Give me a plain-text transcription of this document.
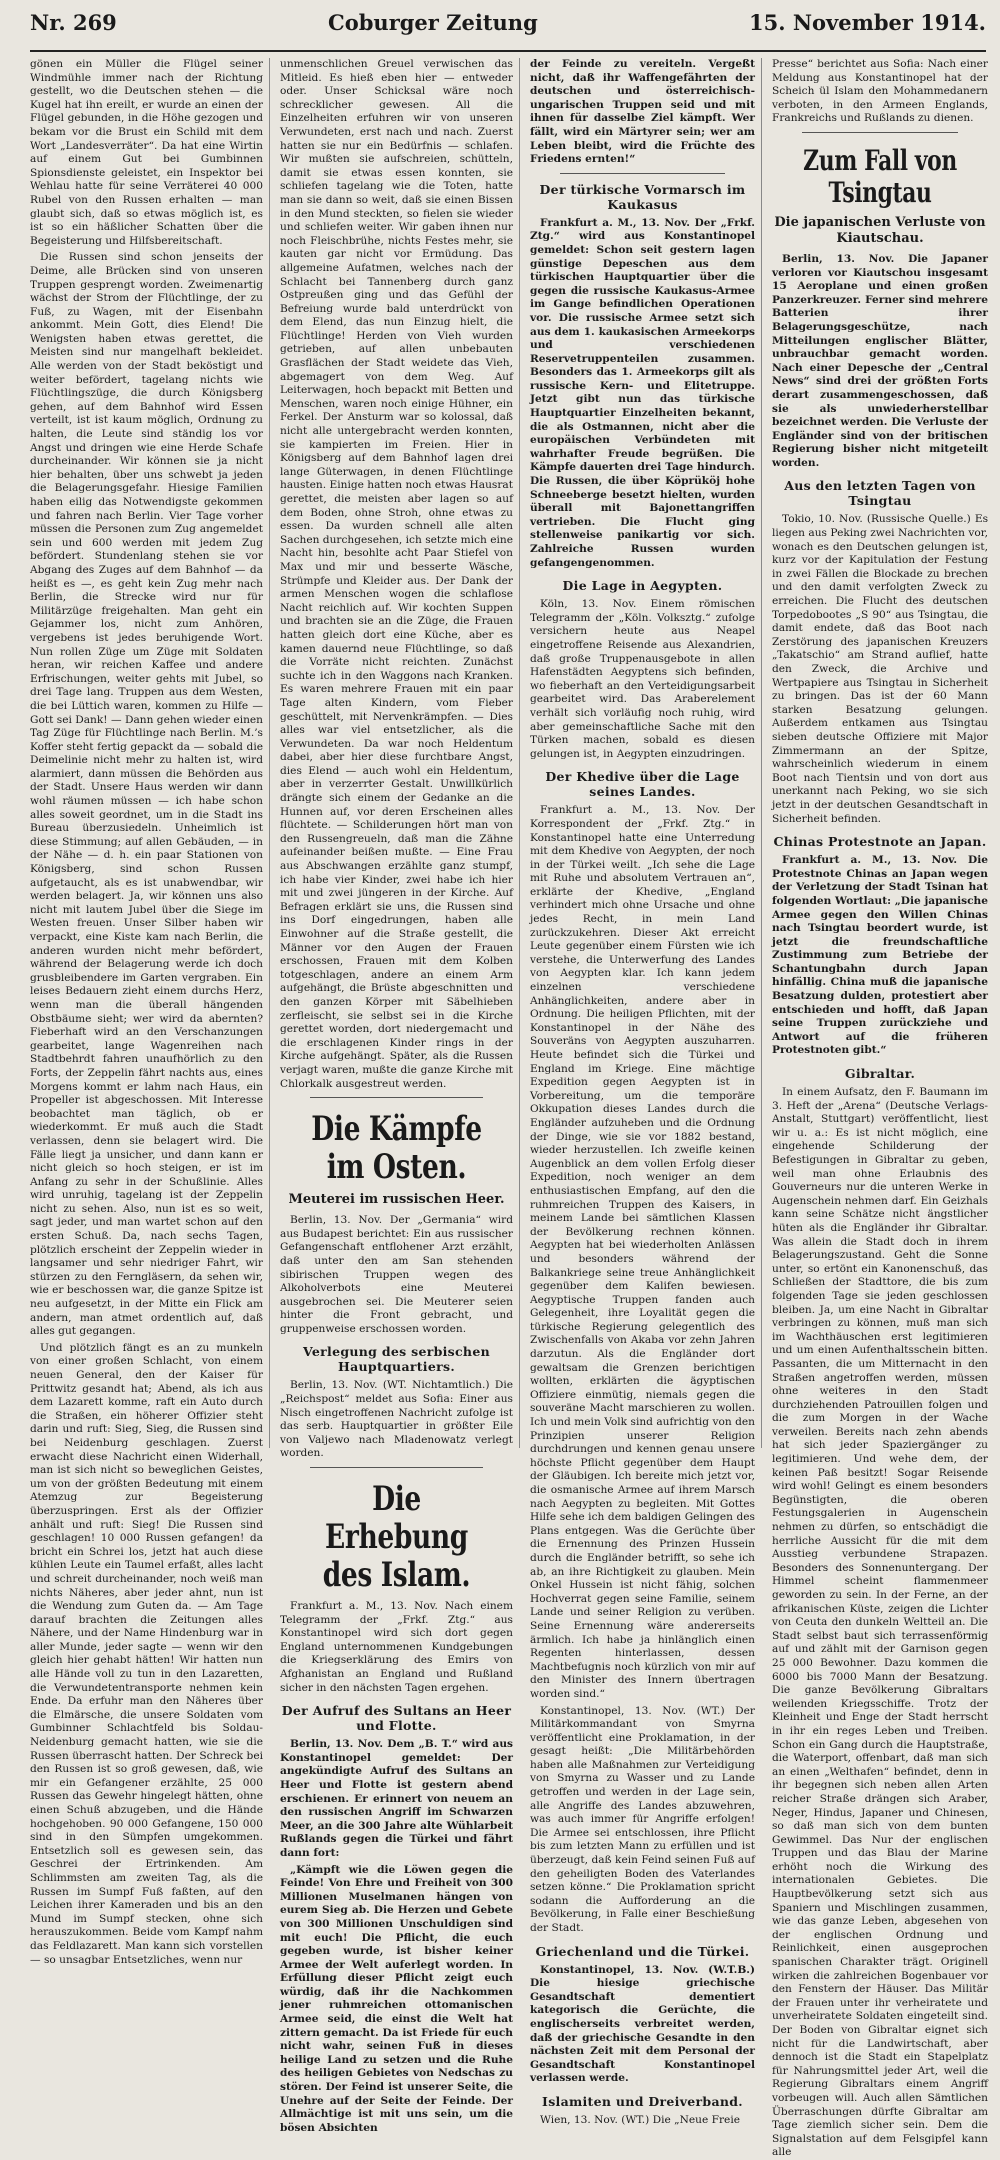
Nr. 269	Coburger Zeitung	15. November 1914.

gönen ein Müller die Flügel seiner Windmühle immer nach der Richtung gestellt, wo die Deutschen stehen — die Kugel hat ihn ereilt, er wurde an einen der Flügel gebunden, in die Höhe gezogen und bekam vor die Brust ein Schild mit dem Wort „Landesverräter“. Da hat eine Wirtin auf einem Gut bei Gumbinnen Spionsdienste geleistet, ein Inspektor bei Wehlau hatte für seine Verräterei 40 000 Rubel von den Russen erhalten — man glaubt sich, daß so etwas möglich ist, es ist so ein häßlicher Schatten über die Begeisterung und Hilfsbereitschaft.

Die Russen sind schon jenseits der Deime, alle Brücken sind von unseren Truppen gesprengt worden. Zweimenartig wächst der Strom der Flüchtlinge, der zu Fuß, zu Wagen, mit der Eisenbahn ankommt. Mein Gott, dies Elend! Die Wenigsten haben etwas gerettet, die Meisten sind nur mangelhaft bekleidet. Alle werden von der Stadt beköstigt und weiter befördert, tagelang nichts wie Flüchtlingszüge, die durch Königsberg gehen, auf dem Bahnhof wird Essen verteilt, ist ist kaum möglich, Ordnung zu halten, die Leute sind ständig los vor Angst und dringen wie eine Herde Schafe durcheinander. Wir können sie ja nicht hier behalten, über uns schwebt ja jeden die Belagerungsgefahr. Hiesige Familien haben eilig das Notwendigste gekommen und fahren nach Berlin. Vier Tage vorher müssen die Personen zum Zug angemeldet sein und 600 werden mit jedem Zug befördert. Stundenlang stehen sie vor Abgang des Zuges auf dem Bahnhof — da heißt es —, es geht kein Zug mehr nach Berlin, die Strecke wird nur für Militärzüge freigehalten. Man geht ein Gejammer los, nicht zum Anhören, vergebens ist jedes beruhigende Wort. Nun rollen Züge um Züge mit Soldaten heran, wir reichen Kaffee und andere Erfrischungen, weiter gehts mit Jubel, so drei Tage lang. Truppen aus dem Westen, die bei Lüttich waren, kommen zu Hilfe — Gott sei Dank! — Dann gehen wieder einen Tag Züge für Flüchtlinge nach Berlin. M.’s Koffer steht fertig gepackt da — sobald die Deimelinie nicht mehr zu halten ist, wird alarmiert, dann müssen die Behörden aus der Stadt. Unsere Haus werden wir dann wohl räumen müssen — ich habe schon alles soweit geordnet, um in die Stadt ins Bureau überzusiedeln. Unheimlich ist diese Stimmung; auf allen Gebäuden, — in der Nähe — d. h. ein paar Stationen von Königsberg, sind schon Russen aufgetaucht, als es ist unabwendbar, wir werden belagert. Ja, wir können uns also nicht mit lautem Jubel über die Siege im Westen freuen. Unser Silber haben wir verpackt, eine Kiste kam nach Berlin, die anderen wurden nicht mehr befördert, während der Belagerung werde ich doch grusbleibendere im Garten vergraben. Ein leises Bedauern zieht einem durchs Herz, wenn man die überall hängenden Obstbäume sieht; wer wird da abernten? Fieberhaft wird an den Verschanzungen gearbeitet, lange Wagenreihen nach Stadtbehrdt fahren unaufhörlich zu den Forts, der Zeppelin fährt nachts aus, eines Morgens kommt er lahm nach Haus, ein Propeller ist abgeschossen. Mit Interesse beobachtet man täglich, ob er wiederkommt. Er muß auch die Stadt verlassen, denn sie belagert wird. Die Fälle liegt ja unsicher, und dann kann er nicht gleich so hoch steigen, er ist im Anfang zu sehr in der Schußlinie. Alles wird unruhig, tagelang ist der Zeppelin nicht zu sehen. Also, nun ist es so weit, sagt jeder, und man wartet schon auf den ersten Schuß. Da, nach sechs Tagen, plötzlich erscheint der Zeppelin wieder in langsamer und sehr niedriger Fahrt, wir stürzen zu den Ferngläsern, da sehen wir, wie er beschossen war, die ganze Spitze ist neu aufgesetzt, in der Mitte ein Flick am andern, man atmet ordentlich auf, daß alles gut gegangen.

Und plötzlich fängt es an zu munkeln von einer großen Schlacht, von einem neuen General, den der Kaiser für Prittwitz gesandt hat; Abend, als ich aus dem Lazarett komme, raft ein Auto durch die Straßen, ein höherer Offizier steht darin und ruft: Sieg, Sieg, die Russen sind bei Neidenburg geschlagen. Zuerst erwacht diese Nachricht einen Widerhall, man ist sich nicht so beweglichen Geistes, um von der größten Bedeutung mit einem Atemzug zur Begeisterung überzuspringen. Erst als der Offizier anhält und ruft: Sieg! Die Russen sind geschlagen! 10 000 Russen gefangen! da bricht ein Schrei los, jetzt hat auch diese kühlen Leute ein Taumel erfaßt, alles lacht und schreit durcheinander, noch weiß man nichts Näheres, aber jeder ahnt, nun ist die Wendung zum Guten da. — Am Tage darauf brachten die Zeitungen alles Nähere, und der Name Hindenburg war in aller Munde, jeder sagte — wenn wir den gleich hier gehabt hätten! Wir hatten nun alle Hände voll zu tun in den Lazaretten, die Verwundetentransporte nehmen kein Ende. Da erfuhr man den Näheres über die Elmärsche, die unsere Soldaten vom Gumbinner Schlachtfeld bis Soldau-Neidenburg gemacht hatten, wie sie die Russen überrascht hatten. Der Schreck bei den Russen ist so groß gewesen, daß, wie mir ein Gefangener erzählte, 25 000 Russen das Gewehr hingelegt hätten, ohne einen Schuß abzugeben, und die Hände hochgehoben. 90 000 Gefangene, 150 000 sind in den Sümpfen umgekommen. Entsetzlich soll es gewesen sein, das Geschrei der Ertrinkenden. Am Schlimmsten am zweiten Tag, als die Russen im Sumpf Fuß faßten, auf den Leichen ihrer Kameraden und bis an den Mund im Sumpf stecken, ohne sich herauszukommen. Beide vom Kampf nahm das Feldlazarett. Man kann sich vorstellen — so unsagbar Entsetzliches, wenn nur

unmenschlichen Greuel verwischen das Mitleid. Es hieß eben hier — entweder oder. Unser Schicksal wäre noch schrecklicher gewesen. All die Einzelheiten erfuhren wir von unseren Verwundeten, erst nach und nach. Zuerst hatten sie nur ein Bedürfnis — schlafen. Wir mußten sie aufschreien, schütteln, damit sie etwas essen konnten, sie schliefen tagelang wie die Toten, hatte man sie dann so weit, daß sie einen Bissen in den Mund steckten, so fielen sie wieder und schliefen weiter. Wir gaben ihnen nur noch Fleischbrühe, nichts Festes mehr, sie kauten gar nicht vor Ermüdung. Das allgemeine Aufatmen, welches nach der Schlacht bei Tannenberg durch ganz Ostpreußen ging und das Gefühl der Befreiung wurde bald unterdrückt von dem Elend, das nun Einzug hielt, die Flüchtlinge! Herden von Vieh wurden getrieben, auf allen unbebauten Grasflächen der Stadt weidete das Vieh, abgemagert von dem Weg. Auf Leiterwagen, hoch bepackt mit Betten und Menschen, waren noch einige Hühner, ein Ferkel. Der Ansturm war so kolossal, daß nicht alle untergebracht werden konnten, sie kampierten im Freien. Hier in Königsberg auf dem Bahnhof lagen drei lange Güterwagen, in denen Flüchtlinge hausten. Einige hatten noch etwas Hausrat gerettet, die meisten aber lagen so auf dem Boden, ohne Stroh, ohne etwas zu essen. Da wurden schnell alle alten Sachen durchgesehen, ich setzte mich eine Nacht hin, besohlte acht Paar Stiefel von Max und mir und besserte Wäsche, Strümpfe und Kleider aus. Der Dank der armen Menschen wogen die schlaflose Nacht reichlich auf. Wir kochten Suppen und brachten sie an die Züge, die Frauen hatten gleich dort eine Küche, aber es kamen dauernd neue Flüchtlinge, so daß die Vorräte nicht reichten. Zunächst suchte ich in den Waggons nach Kranken. Es waren mehrere Frauen mit ein paar Tage alten Kindern, vom Fieber geschüttelt, mit Nervenkrämpfen. — Dies alles war viel entsetzlicher, als die Verwundeten. Da war noch Heldentum dabei, aber hier diese furchtbare Angst, dies Elend — auch wohl ein Heldentum, aber in verzerrter Gestalt. Unwillkürlich drängte sich einem der Gedanke an die Hunnen auf, vor deren Erscheinen alles flüchtete. — Schilderungen hört man von den Russengreueln, daß man die Zähne aufeinander beißen mußte. — Eine Frau aus Abschwangen erzählte ganz stumpf, ich habe vier Kinder, zwei habe ich hier mit und zwei jüngeren in der Kirche. Auf Befragen erklärt sie uns, die Russen sind ins Dorf eingedrungen, haben alle Einwohner auf die Straße gestellt, die Männer vor den Augen der Frauen erschossen, Frauen mit dem Kolben totgeschlagen, andere an einem Arm aufgehängt, die Brüste abgeschnitten und den ganzen Körper mit Säbelhieben zerfleischt, sie selbst sei in die Kirche gerettet worden, dort niedergemacht und die erschlagenen Kinder rings in der Kirche aufgehängt. Später, als die Russen verjagt waren, mußte die ganze Kirche mit Chlorkalk ausgestreut werden.

Die Kämpfe im Osten.
Meuterei im russischen Heer.

Berlin, 13. Nov. Der „Germania“ wird aus Budapest berichtet: Ein aus russischer Gefangenschaft entflohener Arzt erzählt, daß unter den am San stehenden sibirischen Truppen wegen des Alkoholverbots eine Meuterei ausgebrochen sei. Die Meuterer seien hinter die Front gebracht, und gruppenweise erschossen worden.

Verlegung des serbischen Hauptquartiers.

Berlin, 13. Nov. (WT. Nichtamtlich.) Die „Reichspost“ meldet aus Sofia: Einer aus Nisch eingetroffenen Nachricht zufolge ist das serb. Hauptquartier in größter Eile von Valjewo nach Mladenowatz verlegt worden.

Die Erhebung des Islam.

Frankfurt a. M., 13. Nov. Nach einem Telegramm der „Frkf. Ztg.“ aus Konstantinopel wird sich dort gegen England unternommenen Kundgebungen die Kriegserklärung des Emirs von Afghanistan an England und Rußland sicher in den nächsten Tagen ergehen.

Der Aufruf des Sultans an Heer und Flotte.

Berlin, 13. Nov. Dem „B. T.“ wird aus Konstantinopel gemeldet: Der angekündigte Aufruf des Sultans an Heer und Flotte ist gestern abend erschienen. Er erinnert von neuem an den russischen Angriff im Schwarzen Meer, an die 300 Jahre alte Wühlarbeit Rußlands gegen die Türkei und fährt dann fort:

„Kämpft wie die Löwen gegen die Feinde! Von Ehre und Freiheit von 300 Millionen Muselmanen hängen von eurem Sieg ab. Die Herzen und Gebete von 300 Millionen Unschuldigen sind mit euch! Die Pflicht, die euch gegeben wurde, ist bisher keiner Armee der Welt auferlegt worden. In Erfüllung dieser Pflicht zeigt euch würdig, daß ihr die Nachkommen jener ruhmreichen ottomanischen Armee seid, die einst die Welt hat zittern gemacht. Da ist Friede für euch nicht wahr, seinen Fuß in dieses heilige Land zu setzen und die Ruhe des heiligen Gebietes von Nedschas zu stören. Der Feind ist unserer Seite, die Unehre auf der Seite der Feinde. Der Allmächtige ist mit uns sein, um die bösen Absichten

der Feinde zu vereiteln. Vergeßt nicht, daß ihr Waffengefährten der deutschen und österreichisch-ungarischen Truppen seid und mit ihnen für dasselbe Ziel kämpft. Wer fällt, wird ein Märtyrer sein; wer am Leben bleibt, wird die Früchte des Friedens ernten!“

Der türkische Vormarsch im Kaukasus

Frankfurt a. M., 13. Nov. Der „Frkf. Ztg.“ wird aus Konstantinopel gemeldet: Schon seit gestern lagen günstige Depeschen aus dem türkischen Hauptquartier über die gegen die russische Kaukasus-Armee im Gange befindlichen Operationen vor. Die russische Armee setzt sich aus dem 1. kaukasischen Armeekorps und verschiedenen Reservetruppenteilen zusammen. Besonders das 1. Armeekorps gilt als russische Kern- und Elitetruppe. Jetzt gibt nun das türkische Hauptquartier Einzelheiten bekannt, die als Ostmannen, nicht aber die europäischen Verbündeten mit wahrhafter Freude begrüßen. Die Kämpfe dauerten drei Tage hindurch. Die Russen, die über Köprüköj hohe Schneeberge besetzt hielten, wurden überall mit Bajonettangriffen vertrieben. Die Flucht ging stellenweise panikartig vor sich. Zahlreiche Russen wurden gefangengenommen.

Die Lage in Aegypten.

Köln, 13. Nov. Einem römischen Telegramm der „Köln. Volksztg.“ zufolge versichern heute aus Neapel eingetroffene Reisende aus Alexandrien, daß große Truppenausgebote in allen Hafenstädten Aegyptens sich befinden, wo fieberhaft an den Verteidigungsarbeit gearbeitet wird. Das Araberelement verhält sich vorläufig noch ruhig, wird aber gemeinschaftliche Sache mit den Türken machen, sobald es diesen gelungen ist, in Aegypten einzudringen.

Der Khedive über die Lage seines Landes.

Frankfurt a. M., 13. Nov. Der Korrespondent der „Frkf. Ztg.“ in Konstantinopel hatte eine Unterredung mit dem Khedive von Aegypten, der noch in der Türkei weilt. „Ich sehe die Lage mit Ruhe und absolutem Vertrauen an“, erklärte der Khedive, „England verhindert mich ohne Ursache und ohne jedes Recht, in mein Land zurückzukehren. Dieser Akt erreicht Leute gegenüber einem Fürsten wie ich verstehe, die Unterwerfung des Landes von Aegypten klar. Ich kann jedem einzelnen verschiedene Anhänglichkeiten, andere aber in Ordnung. Die heiligen Pflichten, mit der Konstantinopel in der Nähe des Souveräns von Aegypten auszuharren. Heute befindet sich die Türkei und England im Kriege. Eine mächtige Expedition gegen Aegypten ist in Vorbereitung, um die temporäre Okkupation dieses Landes durch die Engländer aufzuheben und die Ordnung der Dinge, wie sie vor 1882 bestand, wieder herzustellen. Ich zweifle keinen Augenblick an dem vollen Erfolg dieser Expedition, noch weniger an dem enthusiastischen Empfang, auf den die ruhmreichen Truppen des Kaisers, in meinem Lande bei sämtlichen Klassen der Bevölkerung rechnen können. Aegypten hat bei wiederholten Anlässen und besonders während der Balkankriege seine treue Anhänglichkeit gegenüber dem Kalifen bewiesen. Aegyptische Truppen fanden auch Gelegenheit, ihre Loyalität gegen die türkische Regierung gelegentlich des Zwischenfalls von Akaba vor zehn Jahren darzutun. Als die Engländer dort gewaltsam die Grenzen berichtigen wollten, erklärten die ägyptischen Offiziere einmütig, niemals gegen die souveräne Macht marschieren zu wollen. Ich und mein Volk sind aufrichtig von den Prinzipien unserer Religion durchdrungen und kennen genau unsere höchste Pflicht gegenüber dem Haupt der Gläubigen. Ich bereite mich jetzt vor, die osmanische Armee auf ihrem Marsch nach Aegypten zu begleiten. Mit Gottes Hilfe sehe ich dem baldigen Gelingen des Plans entgegen. Was die Gerüchte über die Ernennung des Prinzen Hussein durch die Engländer betrifft, so sehe ich ab, an ihre Richtigkeit zu glauben. Mein Onkel Hussein ist nicht fähig, solchen Hochverrat gegen seine Familie, seinem Lande und seiner Religion zu verüben. Seine Ernennung wäre andererseits ärmlich. Ich habe ja hinlänglich einen Regenten hinterlassen, dessen Machtbefugnis noch kürzlich von mir auf den Minister des Innern übertragen worden sind.“

Konstantinopel, 13. Nov. (WT.) Der Militärkommandant von Smyrna veröffentlicht eine Proklamation, in der gesagt heißt: „Die Militärbehörden haben alle Maßnahmen zur Verteidigung von Smyrna zu Wasser und zu Lande getroffen und werden in der Lage sein, alle Angriffe des Landes abzuwehren, was auch immer für Angriffe erfolgen! Die Armee sei entschlossen, ihre Pflicht bis zum letzten Mann zu erfüllen und ist überzeugt, daß kein Feind seinen Fuß auf den geheiligten Boden des Vaterlandes setzen könne.“ Die Proklamation spricht sodann die Aufforderung an die Bevölkerung, in Falle einer Beschießung der Stadt.

Griechenland und die Türkei.

Konstantinopel, 13. Nov. (W.T.B.) Die hiesige griechische Gesandtschaft dementiert kategorisch die Gerüchte, die englischerseits verbreitet werden, daß der griechische Gesandte in den nächsten Zeit mit dem Personal der Gesandtschaft Konstantinopel verlassen werde.

Islamiten und Dreiverband.

Wien, 13. Nov. (WT.) Die „Neue Freie

Presse“ berichtet aus Sofia: Nach einer Meldung aus Konstantinopel hat der Scheich ül Islam den Mohammedanern verboten, in den Armeen Englands, Frankreichs und Rußlands zu dienen.

Zum Fall von Tsingtau
Die japanischen Verluste von Kiautschau.

Berlin, 13. Nov. Die Japaner verloren vor Kiautschou insgesamt 15 Aeroplane und einen großen Panzerkreuzer. Ferner sind mehrere Batterien ihrer Belagerungsgeschütze, nach Mitteilungen englischer Blätter, unbrauchbar gemacht worden. Nach einer Depesche der „Central News“ sind drei der größten Forts derart zusammengeschossen, daß sie als unwiederherstellbar bezeichnet werden. Die Verluste der Engländer sind von der britischen Regierung bisher nicht mitgeteilt worden.

Aus den letzten Tagen von Tsingtau

Tokio, 10. Nov. (Russische Quelle.) Es liegen aus Peking zwei Nachrichten vor, wonach es den Deutschen gelungen ist, kurz vor der Kapitulation der Festung in zwei Fällen die Blockade zu brechen und den damit verfolgten Zweck zu erreichen. Die Flucht des deutschen Torpedobootes „S 90“ aus Tsingtau, die damit endete, daß das Boot nach Zerstörung des japanischen Kreuzers „Takatschio“ am Strand auflief, hatte den Zweck, die Archive und Wertpapiere aus Tsingtau in Sicherheit zu bringen. Das ist der 60 Mann starken Besatzung gelungen. Außerdem entkamen aus Tsingtau sieben deutsche Offiziere mit Major Zimmermann an der Spitze, wahrscheinlich wiederum in einem Boot nach Tientsin und von dort aus unerkannt nach Peking, wo sie sich jetzt in der deutschen Gesandtschaft in Sicherheit befinden.

Chinas Protestnote an Japan.

Frankfurt a. M., 13. Nov. Die Protestnote Chinas an Japan wegen der Verletzung der Stadt Tsinan hat folgenden Wortlaut: „Die japanische Armee gegen den Willen Chinas nach Tsingtau beordert wurde, ist jetzt die freundschaftliche Zustimmung zum Betriebe der Schantungbahn durch Japan hinfällig. China muß die japanische Besatzung dulden, protestiert aber entschieden und hofft, daß Japan seine Truppen zurückziehe und Antwort auf die früheren Protestnoten gibt.“

Gibraltar.

In einem Aufsatz, den F. Baumann im 3. Heft der „Arena“ (Deutsche Verlags-Anstalt, Stuttgart) veröffentlicht, liest wir u. a.: Es ist nicht möglich, eine eingehende Schilderung der Befestigungen in Gibraltar zu geben, weil man ohne Erlaubnis des Gouverneurs nur die unteren Werke in Augenschein nehmen darf. Ein Geizhals kann seine Schätze nicht ängstlicher hüten als die Engländer ihr Gibraltar. Was allein die Stadt doch in ihrem Belagerungszustand. Geht die Sonne unter, so ertönt ein Kanonenschuß, das Schließen der Stadttore, die bis zum folgenden Tage sie jeden geschlossen bleiben. Ja, um eine Nacht in Gibraltar verbringen zu können, muß man sich im Wachthäuschen erst legitimieren und um einen Aufenthaltsschein bitten. Passanten, die um Mitternacht in den Straßen angetroffen werden, müssen ohne weiteres in den Stadt durchziehenden Patrouillen folgen und die zum Morgen in der Wache verweilen. Bereits nach zehn abends hat sich jeder Spaziergänger zu legitimieren. Und wehe dem, der keinen Paß besitzt! Sogar Reisende wird wohl! Gelingt es einem besonders Begünstigten, die oberen Festungsgalerien in Augenschein nehmen zu dürfen, so entschädigt die herrliche Aussicht für die mit dem Ausstieg verbundene Strapazen. Besonders des Sonnenuntergang. Der Himmel scheint flammenmeer geworden zu sein. In der Ferne, an der afrikanischen Küste, zeigen die Lichter von Ceuta den dunkeln Weltteil an. Die Stadt selbst baut sich terrassenförmig auf und zählt mit der Garnison gegen 25 000 Bewohner. Dazu kommen die 6000 bis 7000 Mann der Besatzung. Die ganze Bevölkerung Gibraltars weilenden Kriegsschiffe. Trotz der Kleinheit und Enge der Stadt herrscht in ihr ein reges Leben und Treiben. Schon ein Gang durch die Hauptstraße, die Waterport, offenbart, daß man sich an einen „Welthafen“ befindet, denn in ihr begegnen sich neben allen Arten reicher Straße drängen sich Araber, Neger, Hindus, Japaner und Chinesen, so daß man sich von dem bunten Gewimmel. Das Nur der englischen Truppen und das Blau der Marine erhöht noch die Wirkung des internationalen Gebietes. Die Hauptbevölkerung setzt sich aus Spaniern und Mischlingen zusammen, wie das ganze Leben, abgesehen von der englischen Ordnung und Reinlichkeit, einen ausgeprochen spanischen Charakter trägt. Originell wirken die zahlreichen Bogenbauer vor den Fenstern der Häuser. Das Militär der Frauen unter ihr verheiratete und unverheiratete Soldaten eingeteilt sind. Der Boden von Gibraltar eignet sich nicht für die Landwirtschaft, aber dennoch ist die Stadt ein Stapelplatz für Nahrungsmittel jeder Art, weil die Regierung Gibraltars einem Angriff vorbeugen will. Auch allen Sämtlichen Überraschungen dürfte Gibraltar am Tage ziemlich sicher sein. Dem die Signalstation auf dem Felsgipfel kann alle
